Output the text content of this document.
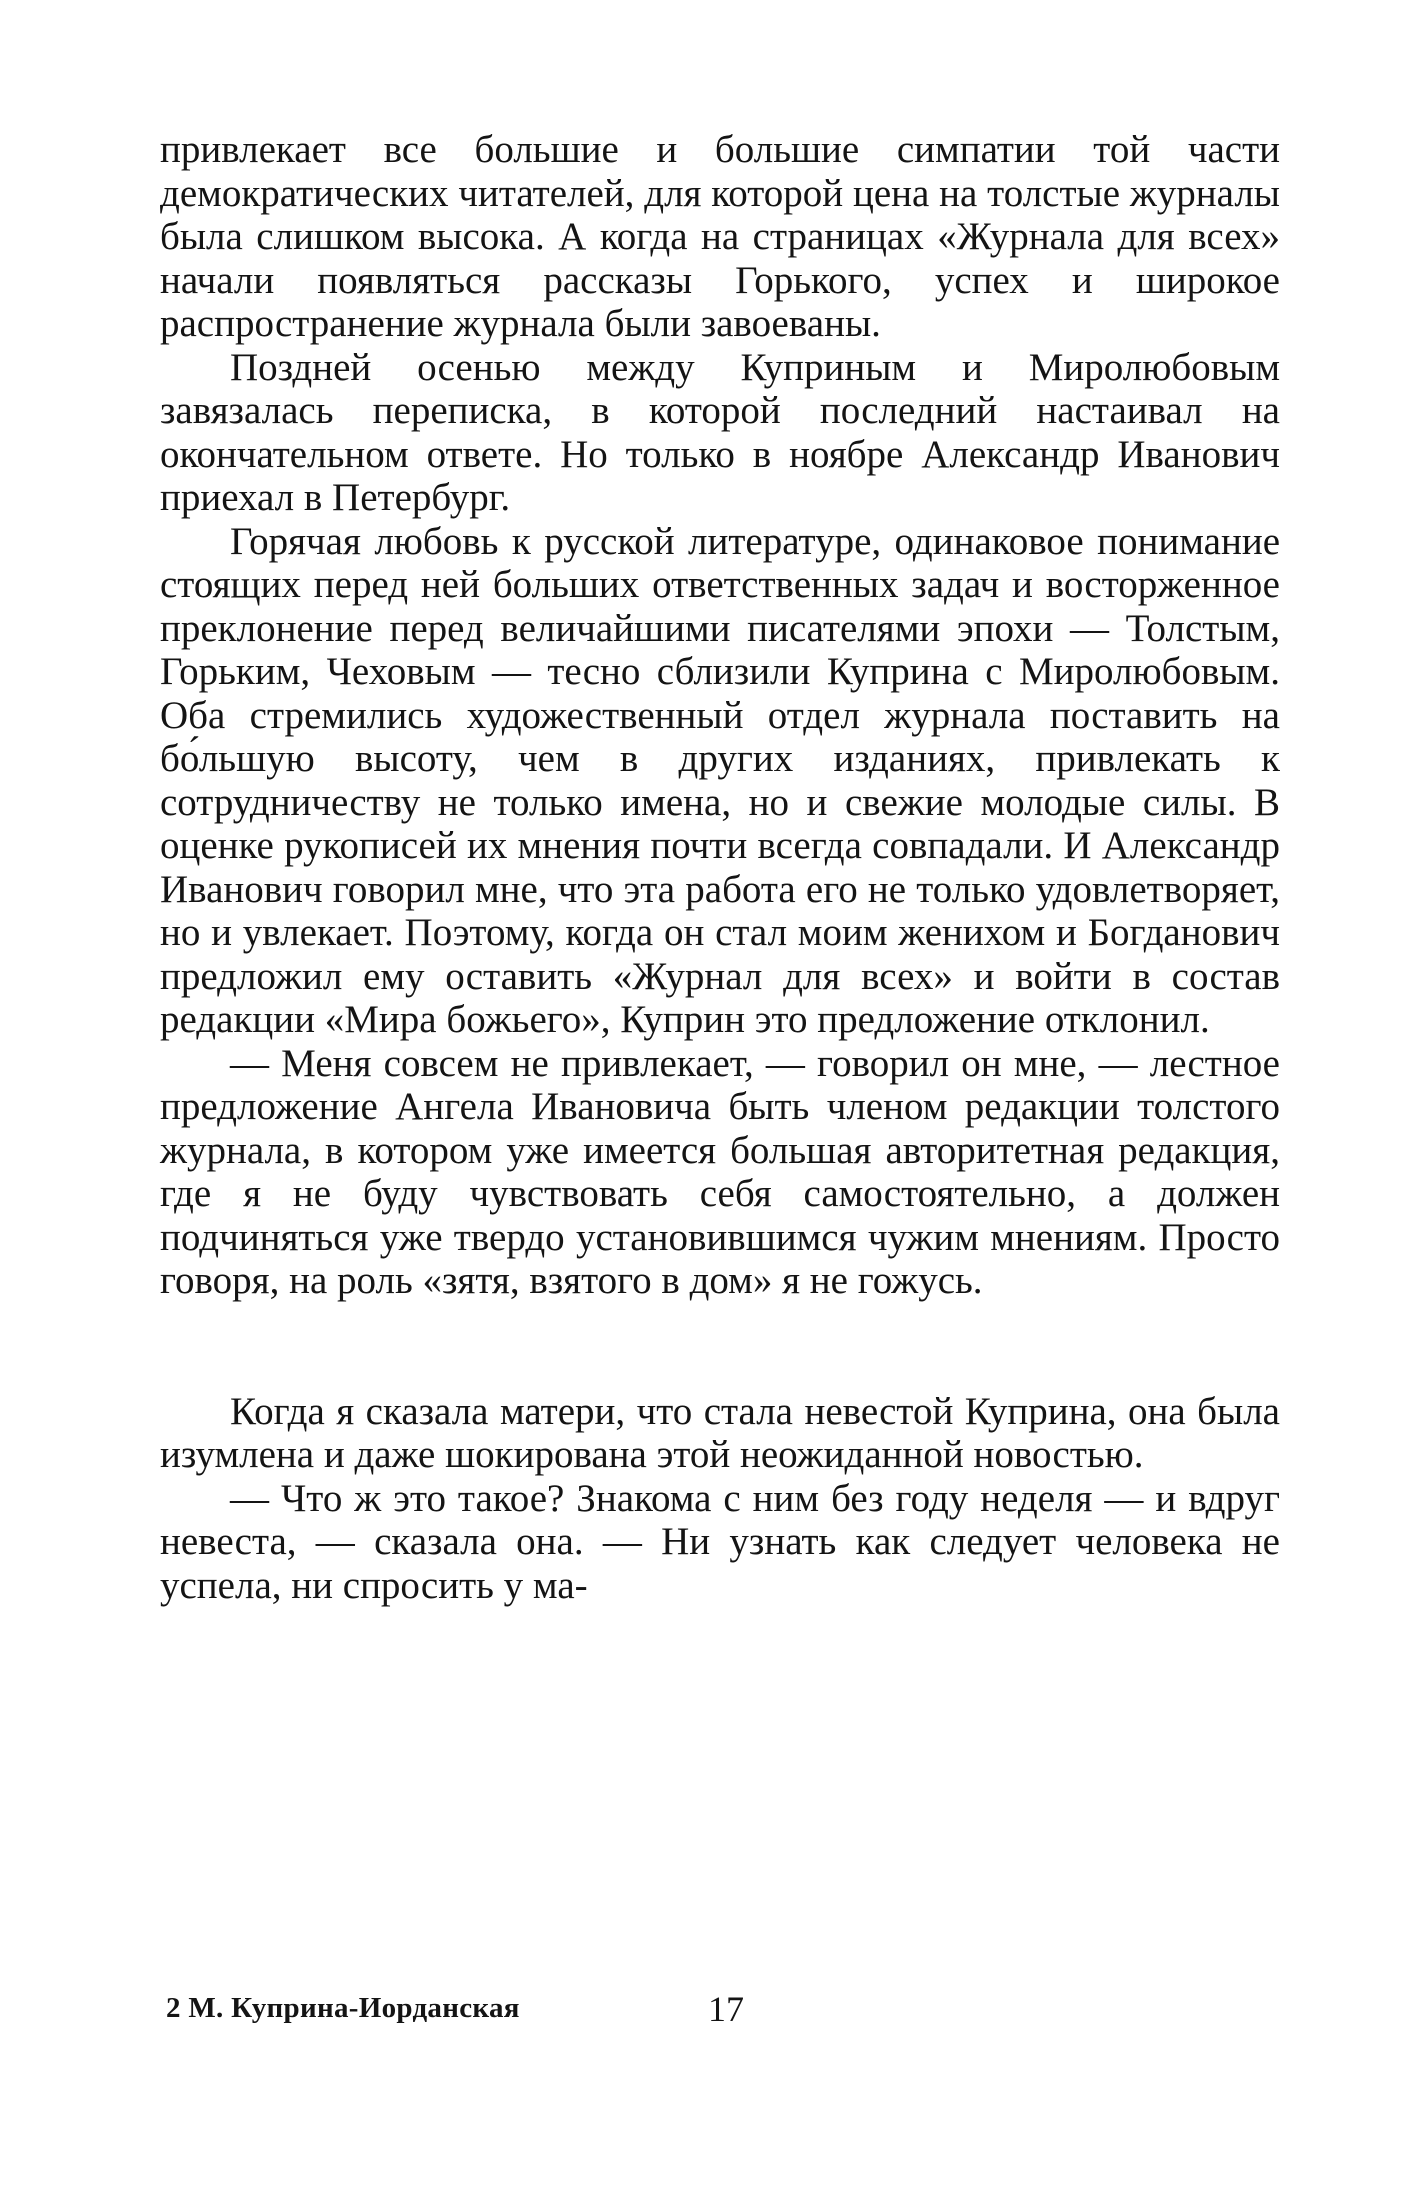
привлекает все большие и большие симпатии той части демократических читателей, для которой цена на толстые журналы была слишком высока. А когда на страницах «Журнала для всех» начали появляться рассказы Горького, успех и широкое распространение журнала были завоеваны.

Поздней осенью между Куприным и Миролюбовым завязалась переписка, в которой последний настаивал на окончательном ответе. Но только в ноябре Александр Иванович приехал в Петербург.

Горячая любовь к русской литературе, одинаковое понимание стоящих перед ней больших ответственных задач и восторженное преклонение перед величайшими писателями эпохи — Толстым, Горьким, Чеховым — тесно сблизили Куприна с Миролюбовым. Оба стремились художественный отдел журнала поставить на бо́льшую высоту, чем в других изданиях, привлекать к сотрудничеству не только имена, но и свежие молодые силы. В оценке рукописей их мнения почти всегда совпадали. И Александр Иванович говорил мне, что эта работа его не только удовлетворяет, но и увлекает. Поэтому, когда он стал моим женихом и Богданович предложил ему оставить «Журнал для всех» и войти в состав редакции «Мира божьего», Куприн это предложение отклонил.

— Меня совсем не привлекает, — говорил он мне, — лестное предложение Ангела Ивановича быть членом редакции толстого журнала, в котором уже имеется большая авторитетная редакция, где я не буду чувствовать себя самостоятельно, а должен подчиняться уже твердо установившимся чужим мнениям. Просто говоря, на роль «зятя, взятого в дом» я не гожусь.

Когда я сказала матери, что стала невестой Куприна, она была изумлена и даже шокирована этой неожиданной новостью.

— Что ж это такое? Знакома с ним без году неделя — и вдруг невеста, — сказала она. — Ни узнать как следует человека не успела, ни спросить у ма-

2 М. Куприна-Иорданская	17
